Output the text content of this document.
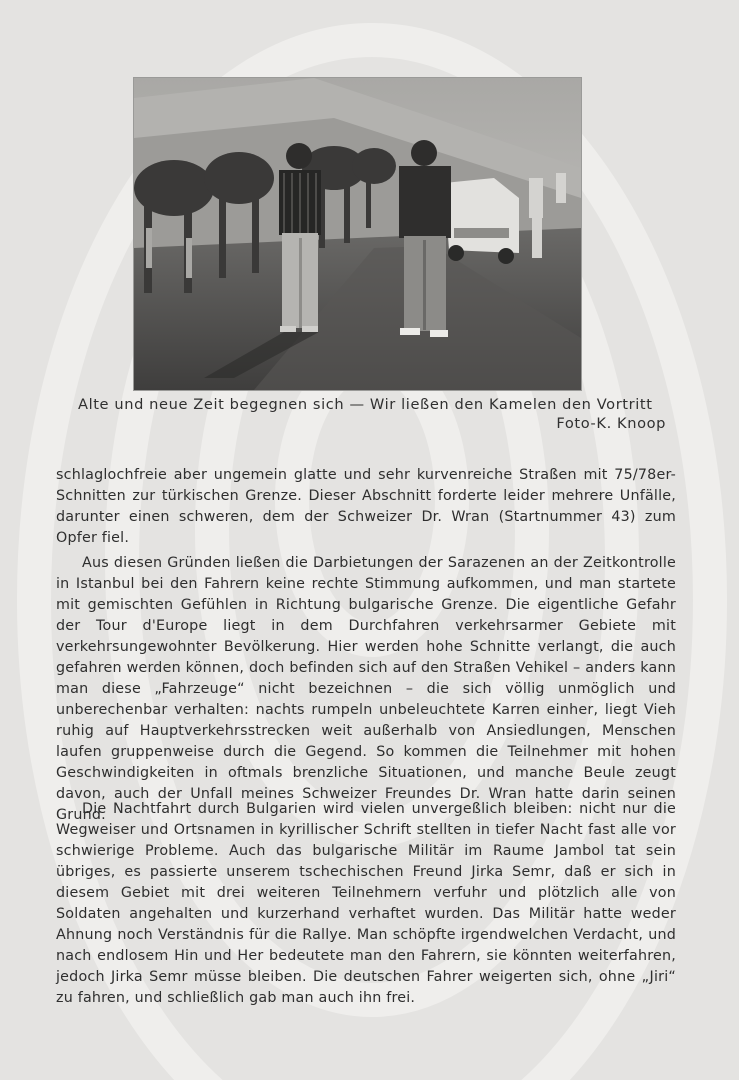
Alte und neue Zeit begegnen sich — Wir ließen den Kamelen den Vortritt
Foto-K. Knoop

schlaglochfreie aber ungemein glatte und sehr kurvenreiche Straßen mit 75/78er-Schnitten zur türkischen Grenze. Dieser Abschnitt forderte leider mehrere Unfälle, darunter einen schweren, dem der Schweizer Dr. Wran (Startnummer 43) zum Opfer fiel.

Aus diesen Gründen ließen die Darbietungen der Sarazenen an der Zeitkontrolle in Istanbul bei den Fahrern keine rechte Stimmung aufkommen, und man startete mit gemischten Gefühlen in Richtung bulgarische Grenze. Die eigentliche Gefahr der Tour d'Europe liegt in dem Durchfahren verkehrsarmer Gebiete mit verkehrsungewohnter Bevölkerung. Hier werden hohe Schnitte verlangt, die auch gefahren werden können, doch befinden sich auf den Straßen Vehikel – anders kann man diese „Fahrzeuge“ nicht bezeichnen – die sich völlig unmöglich und unberechenbar verhalten: nachts rumpeln unbeleuchtete Karren einher, liegt Vieh ruhig auf Hauptverkehrsstrecken weit außerhalb von Ansiedlungen, Menschen laufen gruppenweise durch die Gegend. So kommen die Teilnehmer mit hohen Geschwindigkeiten in oftmals brenzliche Situationen, und manche Beule zeugt davon, auch der Unfall meines Schweizer Freundes Dr. Wran hatte darin seinen Grund.

Die Nachtfahrt durch Bulgarien wird vielen unvergeßlich bleiben: nicht nur die Wegweiser und Ortsnamen in kyrillischer Schrift stellten in tiefer Nacht fast alle vor schwierige Probleme. Auch das bulgarische Militär im Raume Jambol tat sein übriges, es passierte unserem tschechischen Freund Jirka Semr, daß er sich in diesem Gebiet mit drei weiteren Teilnehmern verfuhr und plötzlich alle von Soldaten angehalten und kurzerhand verhaftet wurden. Das Militär hatte weder Ahnung noch Verständnis für die Rallye. Man schöpfte irgendwelchen Verdacht, und nach endlosem Hin und Her bedeutete man den Fahrern, sie könnten weiterfahren, jedoch Jirka Semr müsse bleiben. Die deutschen Fahrer weigerten sich, ohne „Jiri“ zu fahren, und schließlich gab man auch ihn frei.
